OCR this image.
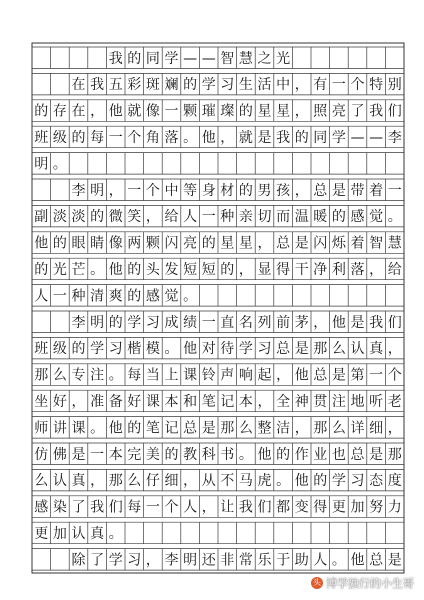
我 的 同 学 — — 智 慧 之 光
在 我 五 彩 斑 斓 的 学 习 生 活 中 ， 有 一 个 特 别
的 存 在 ， 他 就 像 一 颗 璀 璨 的 星 星 ， 照 亮 了 我 们
班 级 的 每 一 个 角 落 。 他 ， 就 是 我 的 同 学 — — 李
明 。
李 明 ， 一 个 中 等 身 材 的 男 孩 ， 总 是 带 着 一
副 淡 淡 的 微 笑 ， 给 人 一 种 亲 切 而 温 暖 的 感 觉 。
他 的 眼 睛 像 两 颗 闪 亮 的 星 星 ， 总 是 闪 烁 着 智 慧
的 光 芒 。 他 的 头 发 短 短 的 ， 显 得 干 净 利 落 ， 给
人 一 种 清 爽 的 感 觉 。
李 明 的 学 习 成 绩 一 直 名 列 前 茅 ， 他 是 我 们
班 级 的 学 习 楷 模 。 他 对 待 学 习 总 是 那 么 认 真 ，
那 么 专 注 。 每 当 上 课 铃 声 响 起 ， 他 总 是 第 一 个
坐 好 ， 准 备 好 课 本 和 笔 记 本 ， 全 神 贯 注 地 听 老
师 讲 课 。 他 的 笔 记 总 是 那 么 整 洁 ， 那 么 详 细 ，
仿 佛 是 一 本 完 美 的 教 科 书 。 他 的 作 业 也 总 是 那
么 认 真 ， 那 么 仔 细 ， 从 不 马 虎 。 他 的 学 习 态 度
感 染 了 我 们 每 一 个 人 ， 让 我 们 都 变 得 更 加 努 力
更 加 认 真 。
除 了 学 习 ， 李 明 还 非 常 乐 于 助 人 。 他 总 是
头 博学独行的小生哥
